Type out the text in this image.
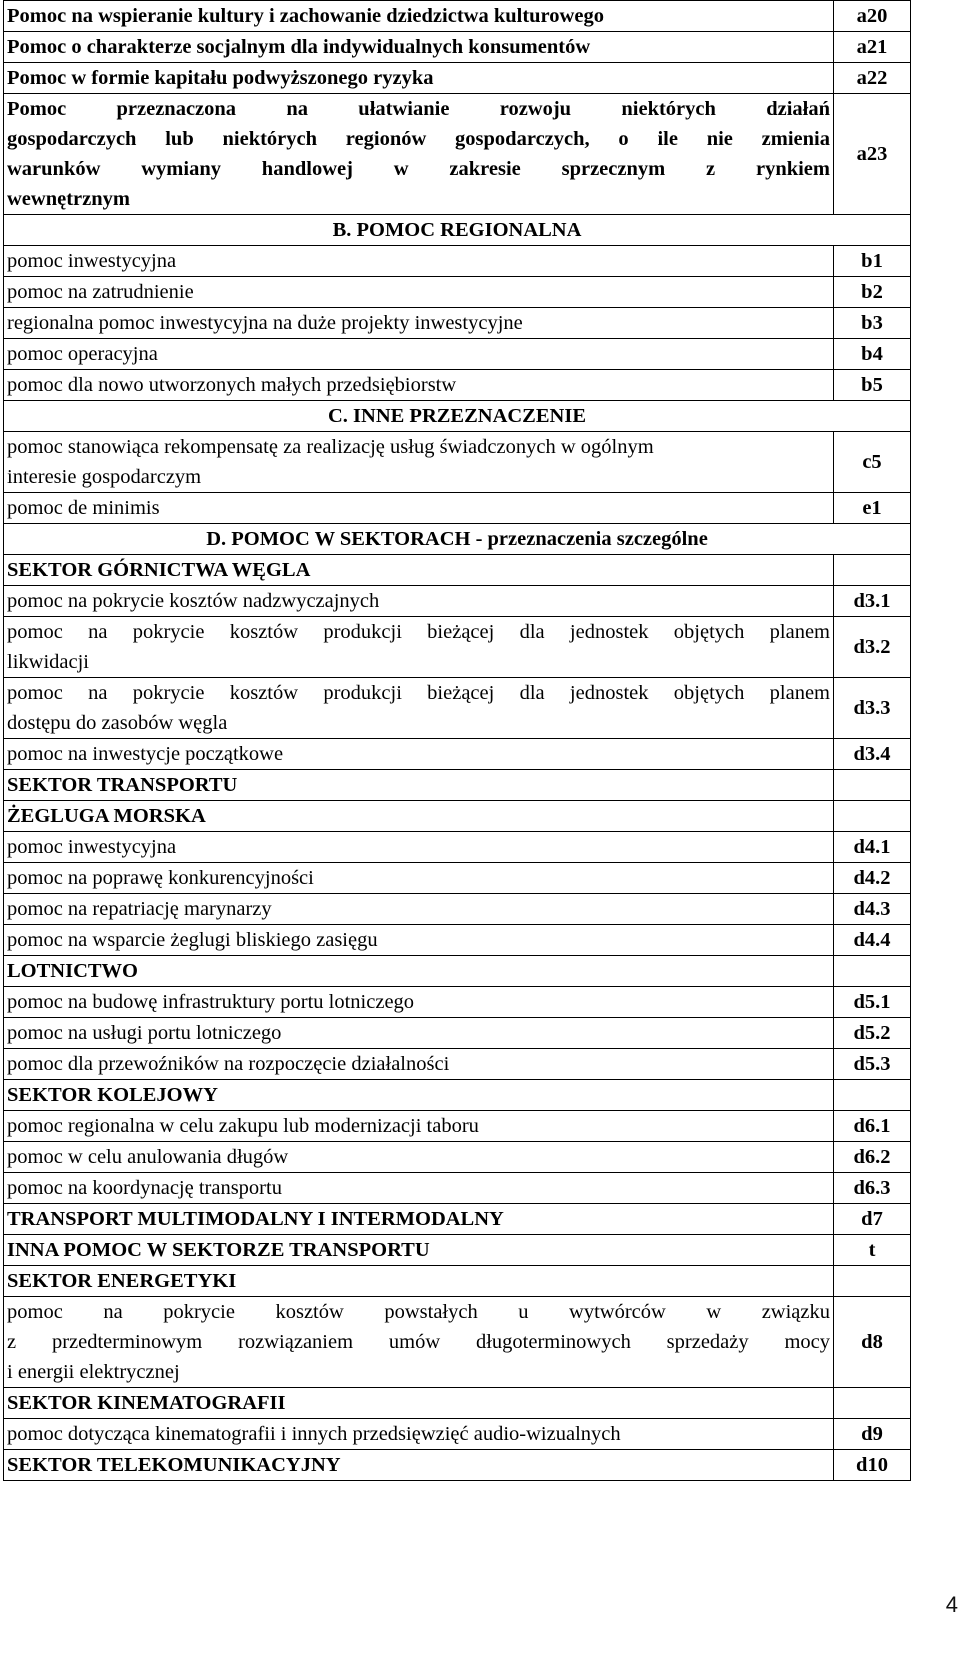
Pomoc na wspieranie kultury i zachowanie dziedzictwa kulturowego	a20
Pomoc o charakterze socjalnym dla indywidualnych konsumentów	a21
Pomoc w formie kapitału podwyższonego ryzyka	a22

Pomoc przeznaczona na ułatwianie rozwoju niektórych działań
gospodarczych lub niektórych regionów gospodarczych, o ile nie zmienia
warunków wymiany handlowej w zakresie sprzecznym z rynkiem
wewnętrznym	a23
B. POMOC REGIONALNA	
pomoc inwestycyjna	b1
pomoc na zatrudnienie	b2
regionalna pomoc inwestycyjna na duże projekty inwestycyjne	b3
pomoc operacyjna	b4
pomoc dla nowo utworzonych małych przedsiębiorstw	b5
C. INNE PRZEZNACZENIE	

pomoc stanowiąca rekompensatę za realizację usług świadczonych w ogólnym
interesie gospodarczym	c5
pomoc de minimis	e1
D. POMOC W SEKTORACH - przeznaczenia szczególne	
SEKTOR GÓRNICTWA WĘGLA	
pomoc na pokrycie kosztów nadzwyczajnych	d3.1

pomoc na pokrycie kosztów produkcji bieżącej dla jednostek objętych planem
likwidacji	d3.2

pomoc na pokrycie kosztów produkcji bieżącej dla jednostek objętych planem
dostępu do zasobów węgla	d3.3
pomoc na inwestycje początkowe	d3.4
SEKTOR TRANSPORTU	
ŻEGLUGA MORSKA	
pomoc inwestycyjna	d4.1
pomoc na poprawę konkurencyjności	d4.2
pomoc na repatriację marynarzy	d4.3
pomoc na wsparcie żeglugi bliskiego zasięgu	d4.4
LOTNICTWO	
pomoc na budowę infrastruktury portu lotniczego	d5.1
pomoc na usługi portu lotniczego	d5.2
pomoc dla przewoźników na rozpoczęcie działalności	d5.3
SEKTOR KOLEJOWY	
pomoc regionalna w celu zakupu lub modernizacji taboru	d6.1
pomoc w celu anulowania długów	d6.2
pomoc na koordynację transportu	d6.3
TRANSPORT MULTIMODALNY I INTERMODALNY	d7
INNA POMOC W SEKTORZE TRANSPORTU	t
SEKTOR ENERGETYKI	

pomoc na pokrycie kosztów powstałych u wytwórców w związku
z przedterminowym rozwiązaniem umów długoterminowych sprzedaży mocy
i energii elektrycznej	d8
SEKTOR KINEMATOGRAFII	
pomoc dotycząca kinematografii i innych przedsięwzięć audio-wizualnych	d9
SEKTOR TELEKOMUNIKACYJNY	d10
4
